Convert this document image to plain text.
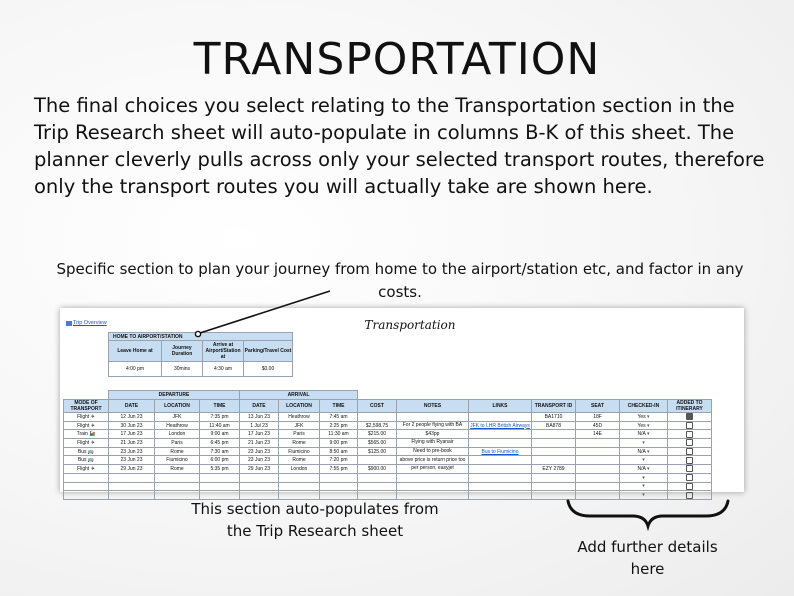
TRANSPORTATION
The final choices you select relating to the Transportation section in the Trip Research sheet will auto-populate in columns B-K of this sheet. The planner cleverly pulls across only your selected transport routes, therefore only the transport routes you will actually take are shown here.
Specific section to plan your journey from home to the airport/station etc, and factor in any costs.
Trip Overview	Transportation
HOME TO AIRPORT/STATION			
Leave Home at	Journey Duration	Arrive at Airport/Station at	Parking/Travel Cost
4:00 pm	30mins	4:30 am	$0.00
	DEPARTURE			ARRIVAL									
MODE OF TRANSPORT	DATE	LOCATION	TIME	DATE	LOCATION	TIME	COST	NOTES	LINKS	TRANSPORT ID	SEAT	CHECKED-IN	ADDED TO ITINERARY
Flight ✈	12 Jun 23	JFK	7:35 pm	13 Jun 23	Heathrow	7:45 am				BA1710	18F	Yes ▾	
Flight ✈	30 Jun 23	Heathrow	11:40 am	1 Jul 23	JFK	2:25 pm	$2,598.75	For 2 people flying with BA	JFK to LHR British Airways	BA878	45D	Yes ▾	
Train 🚂	17 Jun 23	London	9:00 am	17 Jun 23	Paris	11:30 am	$215.00	$43pp			14E	N/A ▾	
Flight ✈	21 Jun 23	Paris	6:45 pm	21 Jun 23	Rome	9:00 pm	$565.00	Flying with Ryanair				▾	
Bus 🚌	23 Jun 23	Rome	7:30 am	23 Jun 23	Fiumicino	8:50 am	$125.00	Need to pre-book	Bus to Fiumicino			N/A ▾	
Bus 🚌	23 Jun 23	Fiumicino	6:00 pm	23 Jun 23	Rome	7:20 pm		above price is return price too				▾	
Flight ✈	29 Jun 23	Rome	5:35 pm	29 Jun 23	London	7:55 pm	$900.00	per person, easyjet		EZY 2789		N/A ▾	
												▾	
												▾	
												▾	
This section auto-populates from the Trip Research sheet
Add further details here
